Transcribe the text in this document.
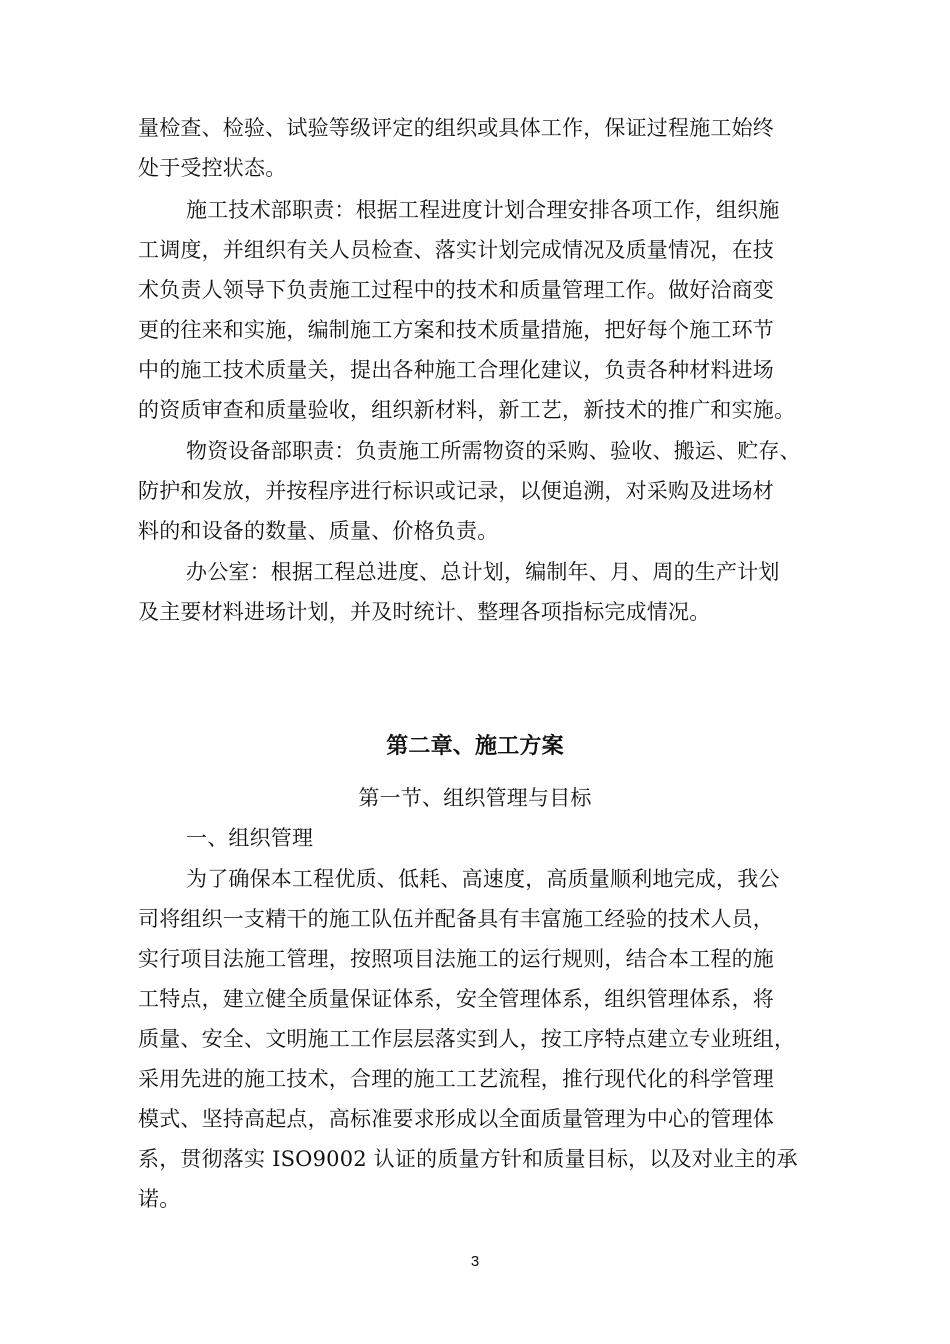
量检查、检验、试验等级评定的组织或具体工作，保证过程施工始终
处于受控状态。
施工技术部职责：根据工程进度计划合理安排各项工作，组织施
工调度，并组织有关人员检查、落实计划完成情况及质量情况，在技
术负责人领导下负责施工过程中的技术和质量管理工作。做好洽商变
更的往来和实施，编制施工方案和技术质量措施，把好每个施工环节
中的施工技术质量关，提出各种施工合理化建议，负责各种材料进场
的资质审查和质量验收，组织新材料，新工艺，新技术的推广和实施。
物资设备部职责：负责施工所需物资的采购、验收、搬运、贮存、
防护和发放，并按程序进行标识或记录，以便追溯，对采购及进场材
料的和设备的数量、质量、价格负责。
办公室：根据工程总进度、总计划，编制年、月、周的生产计划
及主要材料进场计划，并及时统计、整理各项指标完成情况。
第二章、施工方案
第一节、组织管理与目标
一、组织管理
为了确保本工程优质、低耗、高速度，高质量顺利地完成，我公
司将组织一支精干的施工队伍并配备具有丰富施工经验的技术人员，
实行项目法施工管理，按照项目法施工的运行规则，结合本工程的施
工特点，建立健全质量保证体系，安全管理体系，组织管理体系，将
质量、安全、文明施工工作层层落实到人，按工序特点建立专业班组，
采用先进的施工技术，合理的施工工艺流程，推行现代化的科学管理
模式、坚持高起点，高标准要求形成以全面质量管理为中心的管理体
系，贯彻落实 ISO9002 认证的质量方针和质量目标，以及对业主的承
诺。
3
